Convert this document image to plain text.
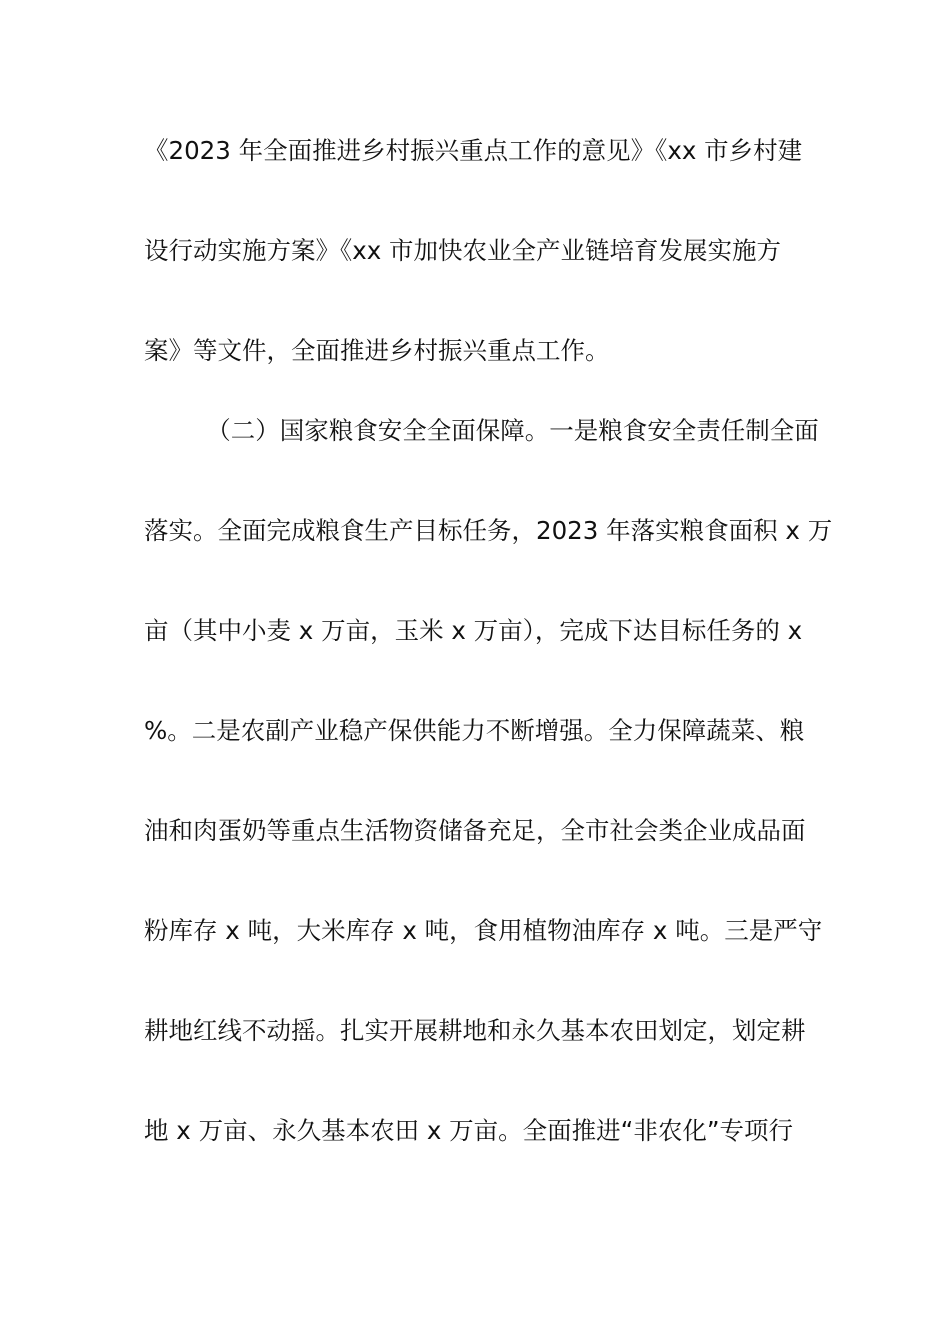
《2023 年全面推进乡村振兴重点工作的意见》《xx 市乡村建
设行动实施方案》《xx 市加快农业全产业链培育发展实施方
案》等文件，全面推进乡村振兴重点工作。
（二）国家粮食安全全面保障。一是粮食安全责任制全面
落实。全面完成粮食生产目标任务，2023 年落实粮食面积 x 万
亩（其中小麦 x 万亩，玉米 x 万亩），完成下达目标任务的 x
%。二是农副产业稳产保供能力不断增强。全力保障蔬菜、粮
油和肉蛋奶等重点生活物资储备充足，全市社会类企业成品面
粉库存 x 吨，大米库存 x 吨，食用植物油库存 x 吨。三是严守
耕地红线不动摇。扎实开展耕地和永久基本农田划定，划定耕
地 x 万亩、永久基本农田 x 万亩。全面推进“非农化”专项行
